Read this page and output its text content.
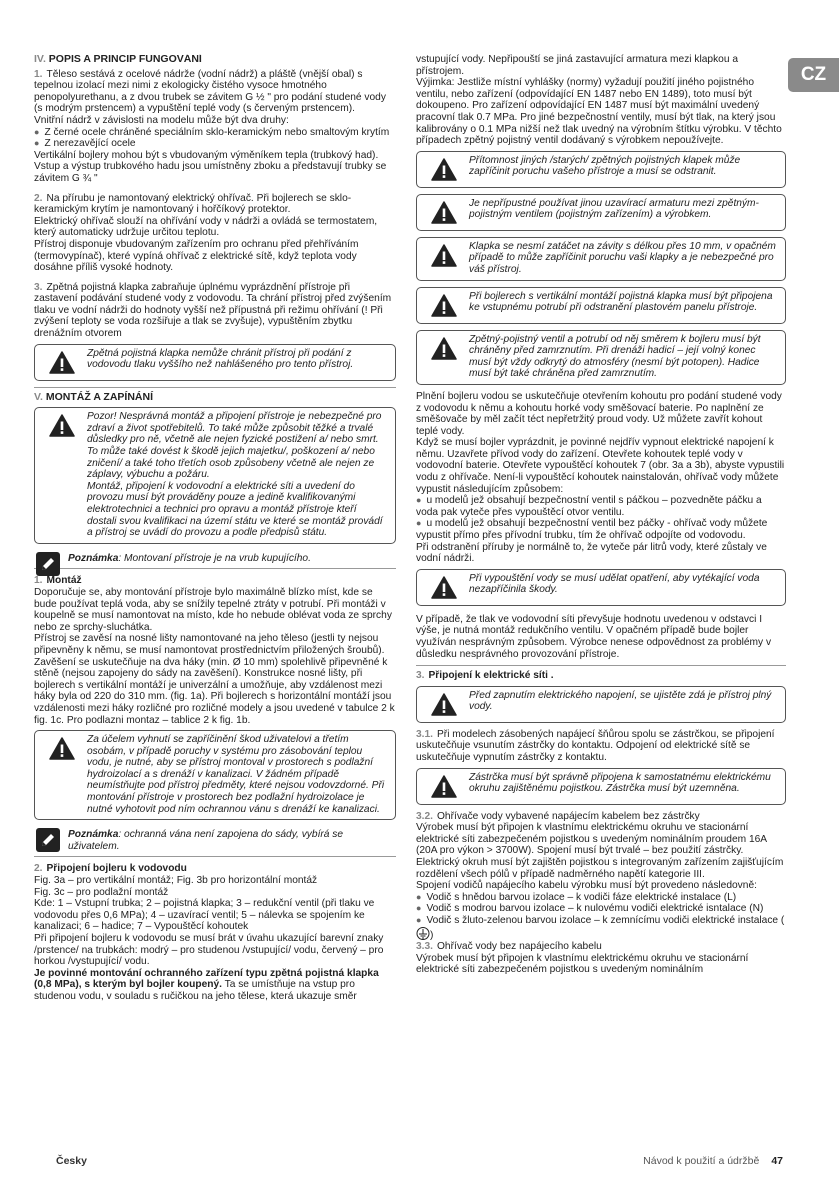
CZ

IV. POPIS A PRINCIP FUNGOVÁNÍ

1. Těleso sestává z ocelové nádrže (vodní nádrž) a pláště (vnější obal) s tepelnou izolací mezi nimi z ekologicky čistého vysoce hmotného penopolyurethanu, a z dvou trubek se závitem G ½ " pro podání studené vody (s modrým prstencem) a vypuštění teplé vody (s červeným prstencem).

Vnitřní nádrž v závislosti na modelu může být dva druhy:

● Z černé ocele chráněné speciálním sklo-keramickým nebo smaltovým krytím

● Z nerezavějící ocele

Vertikální bojlery mohou být s vbudovaným výměníkem tepla (trubkový had). Vstup a výstup trubkového hadu jsou umístněny zboku a představují trubky se závitem G ¾ "

2. Na přírubu je namontovaný elektrický ohřívač. Při bojlerech se sklo-keramickým krytím je namontovaný i hořčíkový protektor.

Elektrický ohřívač slouží na ohřívání vody v nádrži a ovládá se termostatem, který automaticky udržuje určitou teplotu.

Přístroj disponuje vbudovaným zařízením pro ochranu před přehříváním (termovypínač), které vypíná ohřívač z elektrické sítě, když teplota vody dosáhne příliš vysoké hodnoty.

3. Zpětná pojistná klapka zabraňuje úplnému vyprázdnění přístroje při zastavení podávání studené vody z vodovodu. Ta chrání přístroj před zvýšením tlaku ve vodní nádrži do hodnoty vyšší než přípustná při režimu ohřívání (! Při zvýšení teploty se voda rozšiřuje a tlak se zvyšuje), vypuštěním zbytku drenážním otvorem

Zpětná pojistná klapka nemůže chránit přístroj při podání z vodovodu tlaku vyššího než nahlášeného pro tento přístroj.

V. MONTÁŽ A ZAPÍNÁNÍ

Pozor! Nesprávná montáž a připojení přístroje je nebezpečné pro zdraví a život spotřebitelů. To také může způsobit těžké a trvalé důsledky pro ně, včetně ale nejen fyzické postižení a/ nebo smrt. To může také dovést k škodě jejich majetku/, poškození a/ nebo zničení/ a také toho třetích osob způsobeny včetně ale nejen ze záplavy, výbuchu a požáru.

Montáž, připojení k vodovodní a elektrické síti a uvedení do provozu musí být prováděny pouze a jedině kvalifikovanými elektrotechnici a technici pro opravu a montáž přístroje kteří dostali svou kvalifikaci na území státu ve které se montáž provádí a přístroj se uvádí do provozu a podle předpisů státu.

Poznámka: Montovaní přístroje je na vrub kupujícího.

1. Montáž

Doporučuje se, aby montování přístroje bylo maximálně blízko míst, kde se bude používat teplá voda, aby se snížily tepelné ztráty v potrubí. Při montáži v koupelně se musí namontovat na místo, kde ho nebude oblévat voda ze sprchy nebo ze sprchy-sluchátka.

Přístroj se zavěsí na nosné lišty namontované na jeho těleso (jestli ty nejsou připevněny k němu, se musí namontovat prostřednictvím přiložených šroubů). Zavěšení se uskutečňuje na dva háky (min. Ø 10 mm) spolehlivě připevněné k stěně (nejsou zapojeny do sády na zavěšení). Konstrukce nosné lišty, při bojlerech s vertikální montáží je univerzální a umožňuje, aby vzdálenost mezi háky byla od 220 do 310 mm. (fig. 1a). Při bojlerech s horizontální montáží jsou vzdálenosti mezi háky rozličné pro rozličné modely a jsou uvedené v tabulce 2 k fig. 1c. Pro podlazni montaz – tablice 2 k fig. 1b.

Za účelem vyhnutí se zapříčinění škod uživatelovi a třetím osobám, v případě poruchy v systému pro zásobování teplou vodu, je nutné, aby se přístroj montoval v prostorech s podlažní hydroizolací a s drenáží v kanalizaci. V žádném případě neumístňujte pod přístroj předměty, které nejsou vodovzdorné. Při montování přístroje v prostorech bez podlažní hydroizolace je nutné vyhotovit pod ním ochrannou vánu s drenáží ke kanalizaci.
Poznámka: ochranná vána není zapojena do sády, vybírá se uživatelem.

2. Připojení bojleru k vodovodu

Fig. 3a – pro vertikální montáž; Fig. 3b pro horizontální montáž

Fig. 3c – pro podlažní montáž

Kde: 1 – Vstupní trubka; 2 – pojistná klapka; 3 – redukční ventil (při tlaku ve vodovodu přes 0,6 MPa); 4 – uzavírací ventil; 5 – nálevka se spojením ke kanalizaci; 6 – hadice; 7 – Vypouštěcí kohoutek

Při připojení bojleru k vodovodu se musí brát v úvahu ukazující barevní znaky /prstence/ na trubkách: modrý – pro studenou /vstupující/ vodu, červený – pro horkou /vystupující/ vodu.

Je povinné montování ochranného zařízení typu zpětná pojistná klapka (0,8 MPa), s kterým byl bojler koupený. Ta se umístňuje na vstup pro studenou vodu, v souladu s ručičkou na jeho tělese, která ukazuje směr

vstupující vody. Nepřipouští se jiná zastavující armatura mezi klapkou a přístrojem.

Výjimka: Jestliže místní vyhlášky (normy) vyžadují použití jiného pojistného ventilu, nebo zařízení (odpovídající EN 1487 nebo EN 1489), toto musí být dokoupeno. Pro zařízení odpovídající EN 1487 musí být maximální uvedený pracovní tlak 0.7 MPa. Pro jiné bezpečnostní ventily, musí být tlak, na který jsou kalibrovány o 0.1 MPa nižší než tlak uvedný na výrobním štítku výrobku. V těchto případech zpětný pojistný ventil dodávaný s výrobkem nepoužívejte.

Přítomnost jiných /starých/ zpětných pojistných klapek může zapříčinit poruchu vašeho přístroje a musí se odstranit.
Je nepřípustné používat jinou uzavírací armaturu mezi zpětným-pojistným ventilem (pojistným zařízením) a výrobkem.
Klapka se nesmí zatáčet na závity s délkou přes 10 mm, v opačném případě to může zapříčinit poruchu vaši klapky a je nebezpečné pro váš přístroj.
Při bojlerech s vertikální montáží pojistná klapka musí být připojena ke vstupnému potrubí při odstranění plastovém panelu přístroje.
Zpětný-pojistný ventil a potrubí od něj směrem k bojleru musí být chráněny před zamrznutím. Při drenáži hadicí – její volný konec musí být vždy odkrytý do atmosféry (nesmí být potopen). Hadice musí být také chráněna před zamrznutím.

Plnění bojleru vodou se uskutečňuje otevřením kohoutu pro podání studené vody z vodovodu k němu a kohoutu horké vody směšovací baterie. Po naplnění ze směšovače by měl začít téct nepřetržitý proud vody. Už můžete zavřít kohout teplé vody.

Když se musí bojler vyprázdnit, je povinné nejdřív vypnout elektrické napojení k němu. Uzavřete přívod vody do zařízení. Otevřete kohoutek teplé vody v vodovodní baterie. Otevřete vypouštěcí kohoutek 7 (obr. 3a a 3b), abyste vypustili vodu z ohřívače. Není-li vypouštěcí kohoutek nainstalován, ohřívač vody můžete vypustit následujícím způsobem:

● u modelů jež obsahují bezpečnostní ventil s páčkou – pozvedněte páčku a voda pak vyteče přes vypouštěcí otvor ventilu.

● u modelů jež obsahují bezpečnostní ventil bez páčky - ohřívač vody můžete vypustit přímo přes přívodní trubku, tím že ohřívač odpojíte od vodovodu.

Při odstranění příruby je normálně to, že vyteče pár litrů vody, které zůstaly ve vodní nádrži.

Při vypouštění vody se musí udělat opatření, aby vytékající voda nezapříčinila škody.

V případě, že tlak ve vodovodní síti převyšuje hodnotu uvedenou v odstavci I výše, je nutná montáž redukčního ventilu. V opačném případě bude bojler využíván nesprávným způsobem. Výrobce nenese odpovědnost za problémy v důsledku nesprávného provozování přístroje.

3. Připojení k elektrické síti .

Před zapnutím elektrického napojení, se ujistěte zdá je přístroj plný vody.

3.1. Při modelech zásobených napájecí šňůrou spolu se zástrčkou, se připojení uskutečňuje vsunutím zástrčky do kontaktu. Odpojení od elektrické sítě se uskutečňuje vypnutím zástrčky z kontaktu.

Zástrčka musí být správně připojena k samostatnému elektrickému okruhu zajištěnému pojistkou. Zástrčka musí být uzemněna.

3.2. Ohřívače vody vybavené napájecím kabelem bez zástrčky

Výrobek musí být připojen k vlastnímu elektrickému okruhu ve stacionární elektrické síti zabezpečeném pojistkou s uvedeným nominálním proudem 16A (20A pro výkon > 3700W). Spojení musí být trvalé – bez použití zástrčky. Elektrický okruh musí být zajištěn pojistkou s integrovaným zařízením zajišťujícím rozdělení všech pólů v případě nadměrného napětí kategorie III.

Spojení vodičů napájecího kabelu výrobku musí být provedeno následovně:

● Vodič s hnědou barvou izolace – k vodiči fáze elektrické instalace (L)

● Vodič s modrou barvou izolace – k nulovému vodiči elektrické isntalace (N)

● Vodič s žluto-zelenou barvou izolace – k zemnícímu vodiči elektrické instalace ()

3.3. Ohřívač vody bez napájecího kabelu

Výrobek musí být připojen k vlastnímu elektrickému okruhu ve stacionární elektrické síti zabezpečeném pojistkou s uvedeným nominálním

Česky	Návod k použití a údržbě 47
